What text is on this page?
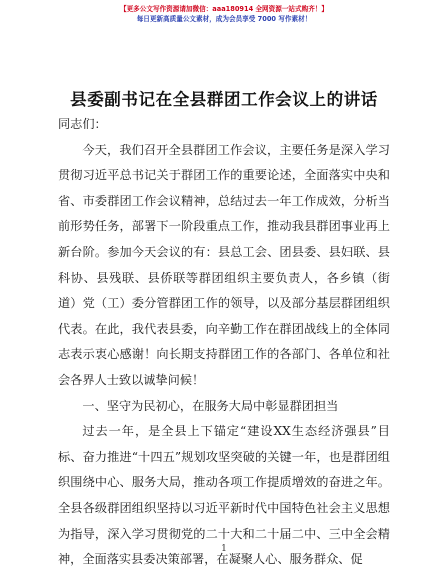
【更多公文写作资源请加微信：aaa180914 全网资源一站式购齐！】
每日更新高质量公文素材，成为会员享受 7000 写作素材！
县委副书记在全县群团工作会议上的讲话

同志们：

今天，我们召开全县群团工作会议，主要任务是深入学习贯彻习近平总书记关于群团工作的重要论述，全面落实中央和省、市委群团工作会议精神，总结过去一年工作成效，分析当前形势任务，部署下一阶段重点工作，推动我县群团事业再上新台阶。参加今天会议的有：县总工会、团县委、县妇联、县科协、县残联、县侨联等群团组织主要负责人，各乡镇（街道）党（工）委分管群团工作的领导，以及部分基层群团组织代表。在此，我代表县委，向辛勤工作在群团战线上的全体同志表示衷心感谢！向长期支持群团工作的各部门、各单位和社会各界人士致以诚挚问候！

一、坚守为民初心，在服务大局中彰显群团担当

过去一年，是全县上下锚定“建设XX生态经济强县”目标、奋力推进“十四五”规划攻坚突破的关键一年，也是群团组织围绕中心、服务大局，推动各项工作提质增效的奋进之年。全县各级群团组织坚持以习近平新时代中国特色社会主义思想为指导，深入学习贯彻党的二十大和二十届二中、三中全会精神，全面落实县委决策部署，在凝聚人心、服务群众、促

1
